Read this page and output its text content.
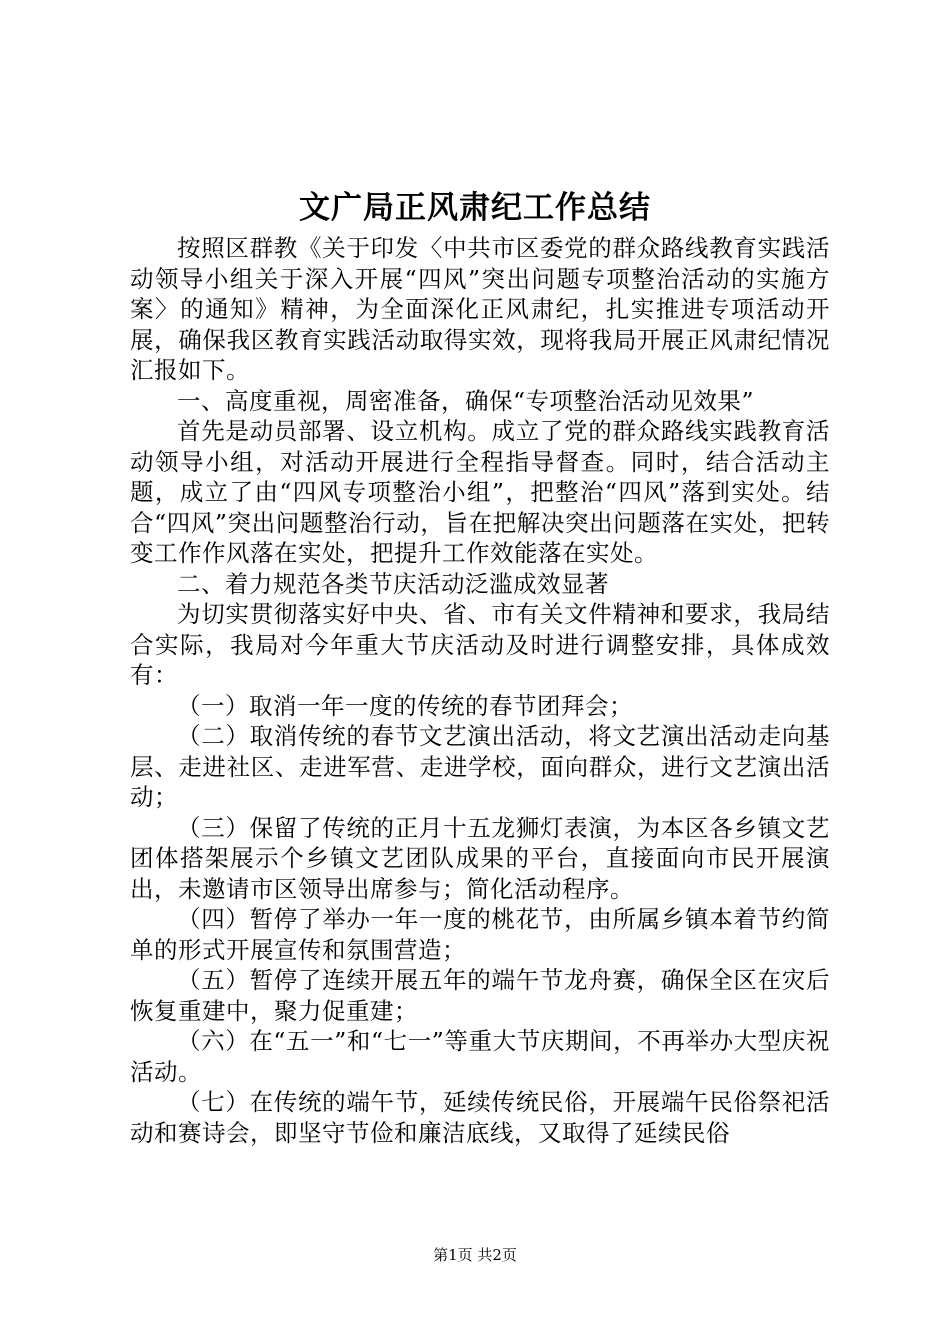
文广局正风肃纪工作总结

按照区群教《关于印发〈中共市区委党的群众路线教育实践活动领导小组关于深入开展“四风”突出问题专项整治活动的实施方案〉的通知》精神，为全面深化正风肃纪，扎实推进专项活动开展，确保我区教育实践活动取得实效，现将我局开展正风肃纪情况汇报如下。

一、高度重视，周密准备，确保“专项整治活动见效果”

首先是动员部署、设立机构。成立了党的群众路线实践教育活动领导小组，对活动开展进行全程指导督查。同时，结合活动主题，成立了由“四风专项整治小组”，把整治“四风”落到实处。结合“四风”突出问题整治行动，旨在把解决突出问题落在实处，把转变工作作风落在实处，把提升工作效能落在实处。

二、着力规范各类节庆活动泛滥成效显著

为切实贯彻落实好中央、省、市有关文件精神和要求，我局结合实际，我局对今年重大节庆活动及时进行调整安排，具体成效有：

（一）取消一年一度的传统的春节团拜会；

（二）取消传统的春节文艺演出活动，将文艺演出活动走向基层、走进社区、走进军营、走进学校，面向群众，进行文艺演出活动；

（三）保留了传统的正月十五龙狮灯表演，为本区各乡镇文艺团体搭架展示个乡镇文艺团队成果的平台，直接面向市民开展演出，未邀请市区领导出席参与；简化活动程序。

（四）暂停了举办一年一度的桃花节，由所属乡镇本着节约简单的形式开展宣传和氛围营造；

（五）暂停了连续开展五年的端午节龙舟赛，确保全区在灾后恢复重建中，聚力促重建；

（六）在“五一”和“七一”等重大节庆期间，不再举办大型庆祝活动。

（七）在传统的端午节，延续传统民俗，开展端午民俗祭祀活动和赛诗会，即坚守节俭和廉洁底线，又取得了延续民俗

第1页 共2页
